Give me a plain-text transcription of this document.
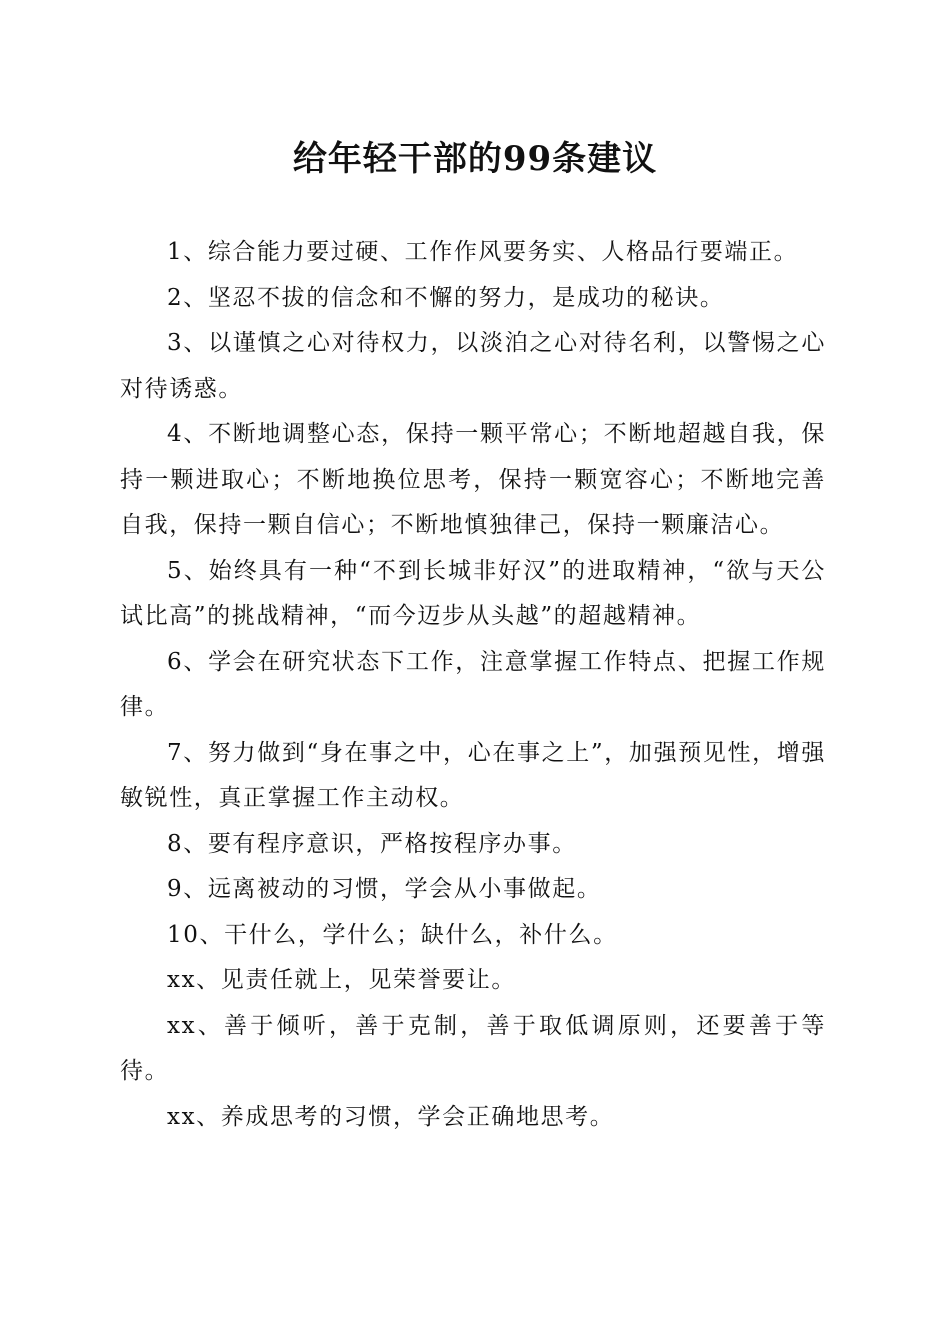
给年轻干部的99条建议

1、综合能力要过硬、工作作风要务实、人格品行要端正。

2、坚忍不拔的信念和不懈的努力，是成功的秘诀。

3、以谨慎之心对待权力，以淡泊之心对待名利，以警惕之心对待诱惑。

4、不断地调整心态，保持一颗平常心；不断地超越自我，保持一颗进取心；不断地换位思考，保持一颗宽容心；不断地完善自我，保持一颗自信心；不断地慎独律己，保持一颗廉洁心。

5、始终具有一种“不到长城非好汉”的进取精神，“欲与天公试比高”的挑战精神，“而今迈步从头越”的超越精神。

6、学会在研究状态下工作，注意掌握工作特点、把握工作规律。

7、努力做到“身在事之中，心在事之上”，加强预见性，增强敏锐性，真正掌握工作主动权。

8、要有程序意识，严格按程序办事。

9、远离被动的习惯，学会从小事做起。

10、干什么，学什么；缺什么，补什么。

xx、见责任就上，见荣誉要让。

xx、善于倾听，善于克制，善于取低调原则，还要善于等待。

xx、养成思考的习惯，学会正确地思考。
